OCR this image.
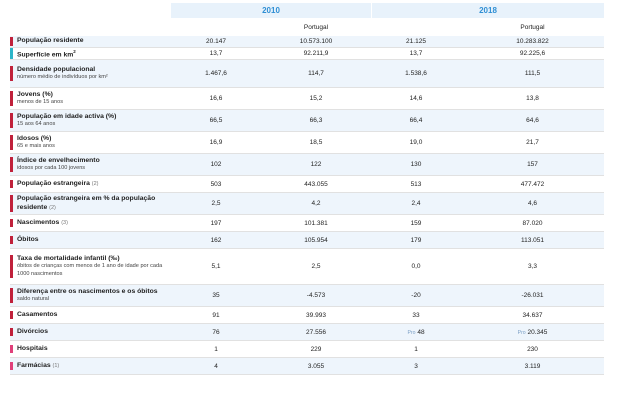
2010	2018
Portugal	Portugal
População residente	20.147	10.573.100	21.125	10.283.822
Superfície em $km^2$	13,7	92.211,9	13,7	92.225,6
Densidade populacional
número médio de indivíduos por km²	1.467,6	114,7	1.538,6	111,5
Jovens (%)
menos de 15 anos	16,6	15,2	14,6	13,8
População em idade activa (%)
15 aos 64 anos	66,5	66,3	66,4	64,6
Idosos (%)
65 e mais anos	16,9	18,5	19,0	21,7
Índice de envelhecimento
idosos por cada 100 jovens	102	122	130	157
População estrangeira (2)	503	443.055	513	477.472
População estrangeira em % da população residente (2)
2,5	4,2	2,4	4,6
Nascimentos (3)	197	101.381	159	87.020
Óbitos	162	105.954	179	113.051
Taxa de mortalidade infantil (‰)
óbitos de crianças com menos de 1 ano de idade por cada 1000 nascimentos
5,1	2,5	0,0	3,3
Diferença entre os nascimentos e os óbitos
saldo natural	35	-4.573	-20	-26.031
Casamentos	91	39.993	33	34.637
Divórcios	76	27.556	Pro 48	Pro 20.345
Hospitais	1	229	1	230
Farmácias (1)	4	3.055	3	3.119
